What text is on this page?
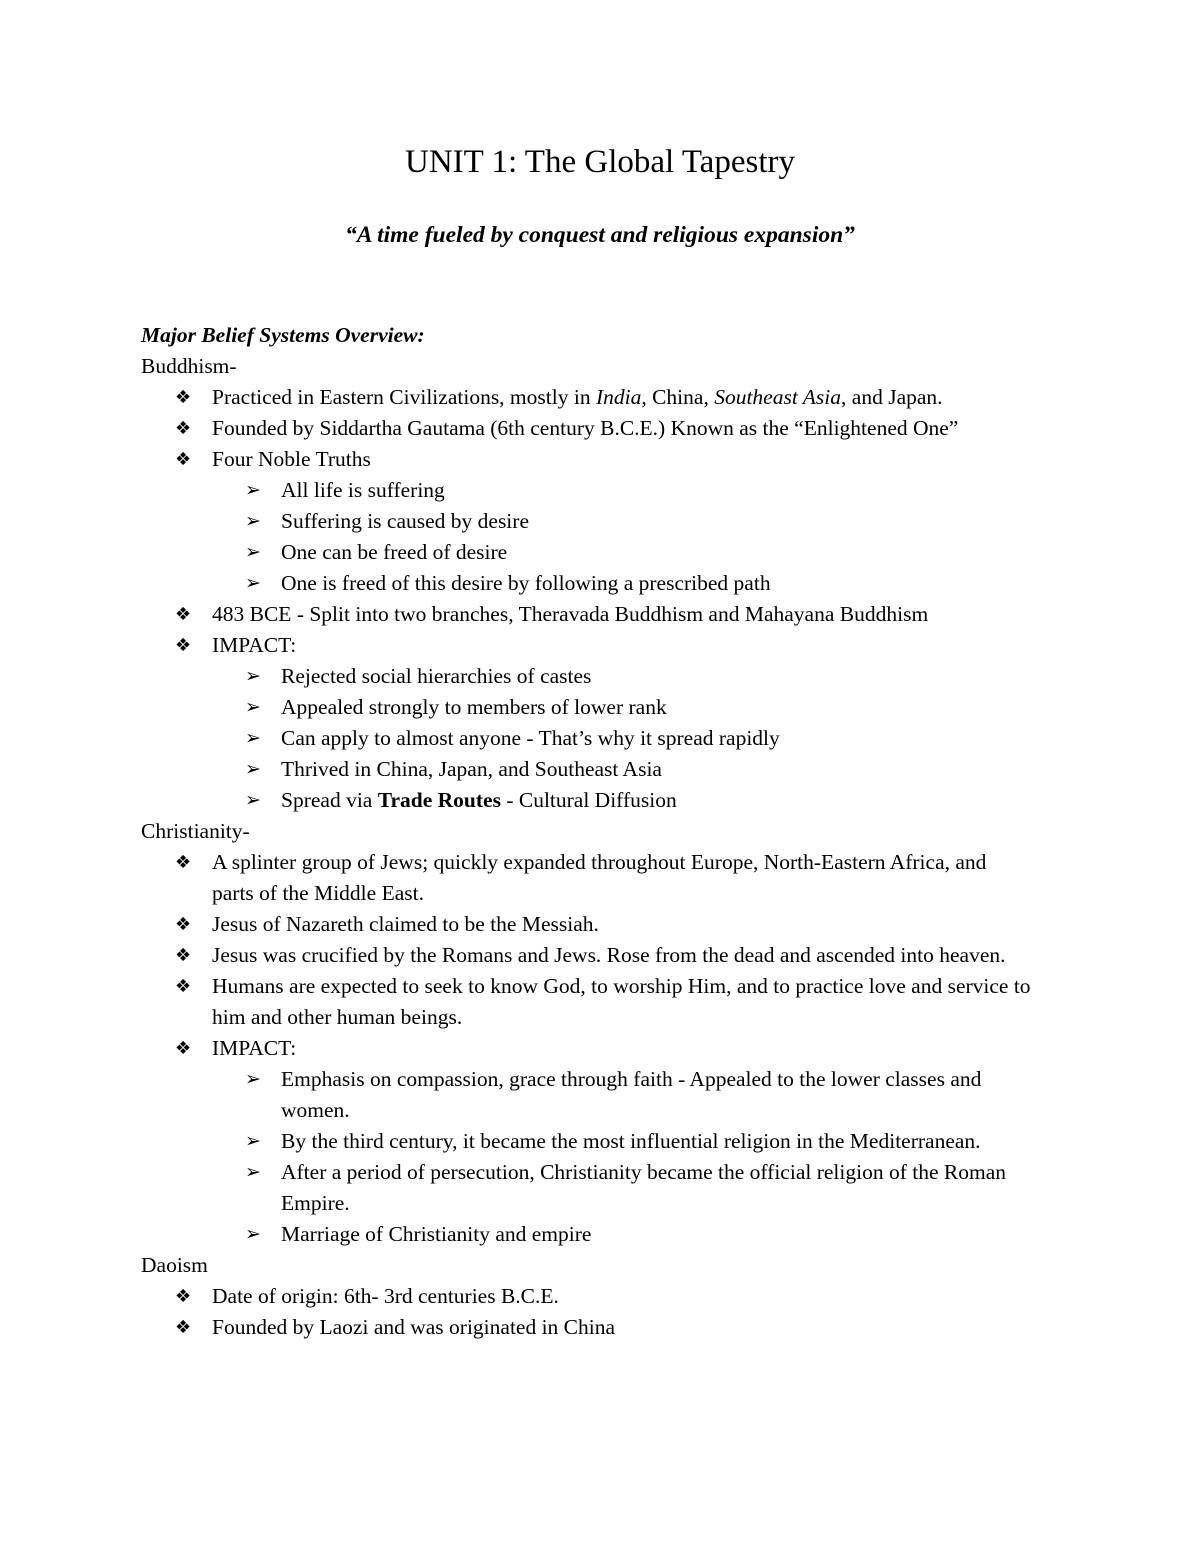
UNIT 1: The Global Tapestry
“A time fueled by conquest and religious expansion”
Major Belief Systems Overview:
Buddhism-
❖ Practiced in Eastern Civilizations, mostly in India, China, Southeast Asia, and Japan.
❖ Founded by Siddartha Gautama (6th century B.C.E.) Known as the “Enlightened One”
❖ Four Noble Truths
➢ All life is suffering
➢ Suffering is caused by desire
➢ One can be freed of desire
➢ One is freed of this desire by following a prescribed path
❖ 483 BCE - Split into two branches, Theravada Buddhism and Mahayana Buddhism
❖ IMPACT:
➢ Rejected social hierarchies of castes
➢ Appealed strongly to members of lower rank
➢ Can apply to almost anyone - That’s why it spread rapidly
➢ Thrived in China, Japan, and Southeast Asia
➢ Spread via Trade Routes - Cultural Diffusion
Christianity-
❖ A splinter group of Jews; quickly expanded throughout Europe, North-Eastern Africa, and parts of the Middle East.
❖ Jesus of Nazareth claimed to be the Messiah.
❖ Jesus was crucified by the Romans and Jews. Rose from the dead and ascended into heaven.
❖ Humans are expected to seek to know God, to worship Him, and to practice love and service to him and other human beings.
❖ IMPACT:
➢ Emphasis on compassion, grace through faith - Appealed to the lower classes and women.
➢ By the third century, it became the most influential religion in the Mediterranean.
➢ After a period of persecution, Christianity became the official religion of the Roman Empire.
➢ Marriage of Christianity and empire
Daoism
❖ Date of origin: 6th- 3rd centuries B.C.E.
❖ Founded by Laozi and was originated in China
